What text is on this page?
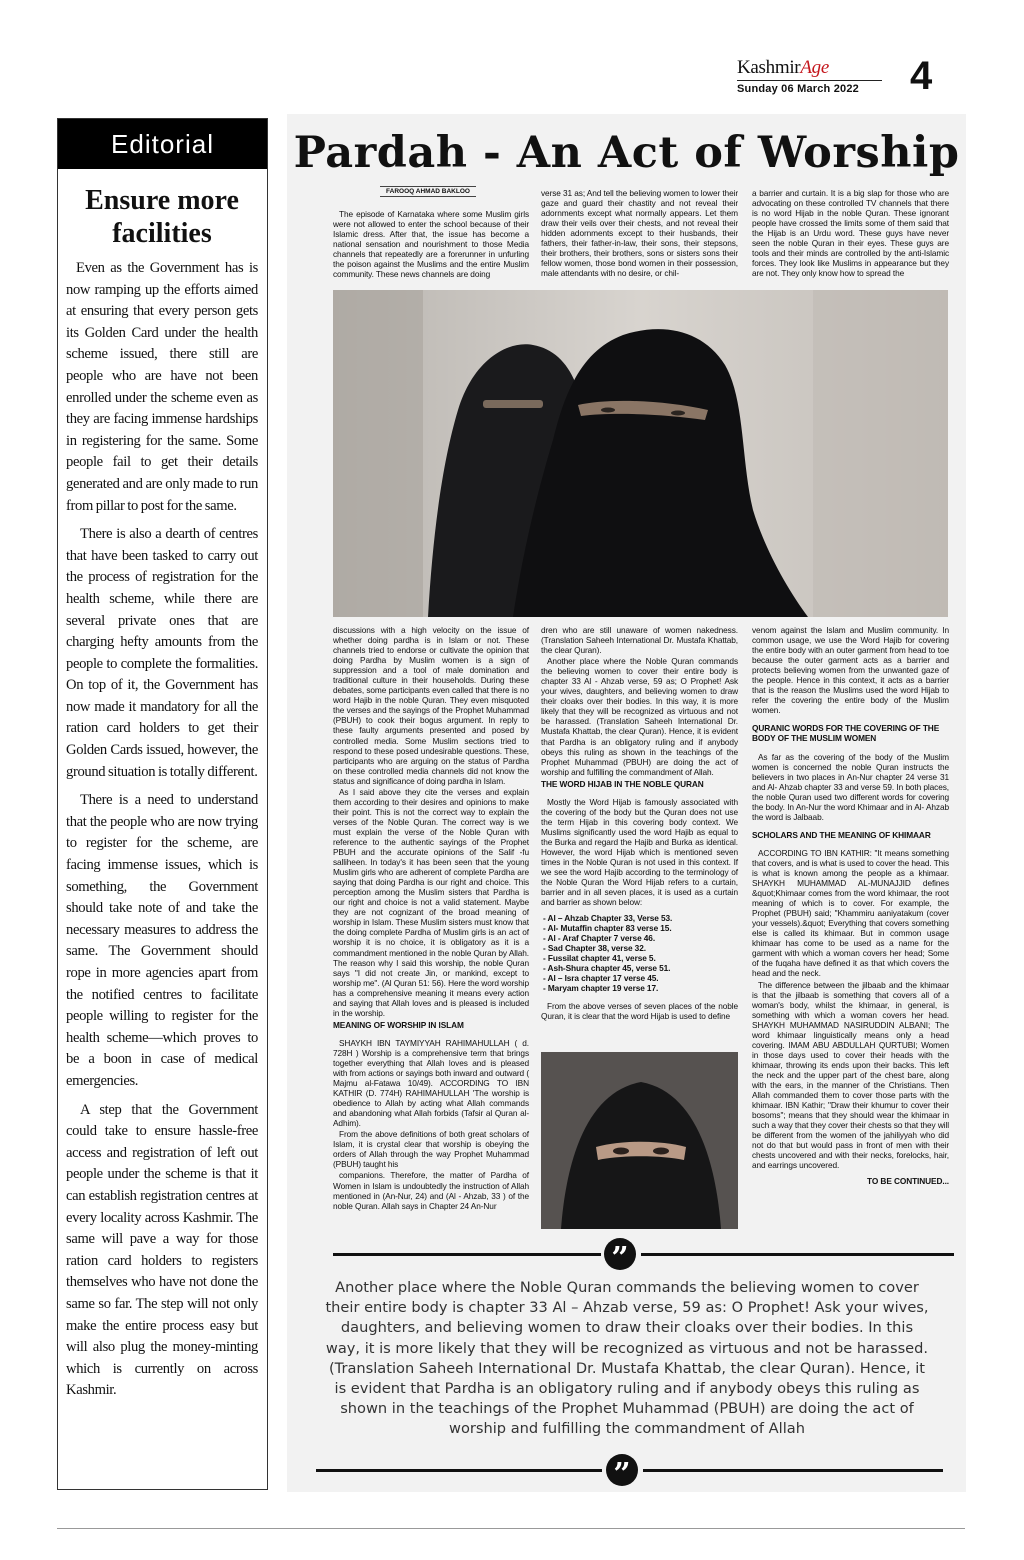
KashmirAge
Sunday 06 March 2022	4
Editorial
Ensure more facilities

Even as the Government has is now ramping up the efforts aimed at ensuring that every person gets its Golden Card under the health scheme issued, there still are people who are have not been enrolled under the scheme even as they are facing immense hardships in registering for the same. Some people fail to get their details generated and are only made to run from pillar to post for the same.

There is also a dearth of centres that have been tasked to carry out the process of registration for the health scheme, while there are several private ones that are charging hefty amounts from the people to complete the formalities. On top of it, the Government has now made it mandatory for all the ration card holders to get their Golden Cards issued, however, the ground situation is totally different.

There is a need to understand that the people who are now trying to register for the scheme, are facing immense issues, which is something, the Government should take note of and take the necessary measures to address the same. The Government should rope in more agencies apart from the notified centres to facilitate people willing to register for the health scheme—which proves to be a boon in case of medical emergencies.

A step that the Government could take to ensure hassle-free access and registration of left out people under the scheme is that it can establish registration centres at every locality across Kashmir. The same will pave a way for those ration card holders to registers themselves who have not done the same so far. The step will not only make the entire process easy but will also plug the money-minting which is currently on across Kashmir.

Pardah - An Act of Worship
FAROOQ AHMAD BAKLOO

The episode of Karnataka where some Muslim girls were not allowed to enter the school because of their Islamic dress. After that, the issue has become a national sensation and nourishment to those Media channels that repeatedly are a forerunner in unfurling the poison against the Muslims and the entire Muslim community. These news channels are doing

verse 31 as; And tell the believing women to lower their gaze and guard their chastity and not reveal their adornments except what normally appears. Let them draw their veils over their chests, and not reveal their hidden adornments except to their husbands, their fathers, their father-in-law, their sons, their stepsons, their brothers, their brothers, sons or sisters sons their fellow women, those bond women in their possession, male attendants with no desire, or chil-

a barrier and curtain. It is a big slap for those who are advocating on these controlled TV channels that there is no word Hijab in the noble Quran. These ignorant people have crossed the limits some of them said that the Hijab is an Urdu word. These guys have never seen the noble Quran in their eyes. These guys are tools and their minds are controlled by the anti-Islamic forces. They look like Muslims in appearance but they are not. They only know how to spread the

discussions with a high velocity on the issue of whether doing pardha is in Islam or not. These channels tried to endorse or cultivate the opinion that doing Pardha by Muslim women is a sign of suppression and a tool of male domination and traditional culture in their households. During these debates, some participants even called that there is no word Hajib in the noble Quran. They even misquoted the verses and the sayings of the Prophet Muhammad (PBUH) to cook their bogus argument. In reply to these faulty arguments presented and posed by controlled media. Some Muslim sections tried to respond to these posed undesirable questions. These, participants who are arguing on the status of Pardha on these controlled media channels did not know the status and significance of doing pardha in Islam.

As I said above they cite the verses and explain them according to their desires and opinions to make their point. This is not the correct way to explain the verses of the Noble Quran. The correct way is we must explain the verse of the Noble Quran with reference to the authentic sayings of the Prophet PBUH and the accurate opinions of the Salif -fu salliheen. In today's it has been seen that the young Muslim girls who are adherent of complete Pardha are saying that doing Pardha is our right and choice. This perception among the Muslim sisters that Pardha is our right and choice is not a valid statement. Maybe they are not cognizant of the broad meaning of worship in Islam. These Muslim sisters must know that the doing complete Pardha of Muslim girls is an act of worship it is no choice, it is obligatory as it is a commandment mentioned in the noble Quran by Allah. The reason why I said this worship, the noble Quran says "I did not create Jin, or mankind, except to worship me". (Al Quran 51: 56). Here the word worship has a comprehensive meaning it means every action and saying that Allah loves and is pleased is included in the worship.

MEANING OF WORSHIP IN ISLAM

SHAYKH IBN TAYMIYYAH RAHIMAHULLAH ( d. 728H ) Worship is a comprehensive term that brings together everything that Allah loves and is pleased with from actions or sayings both inward and outward ( Majmu al-Fatawa 10/49). ACCORDING TO IBN KATHIR (D. 774H) RAHIMAHULLAH 'The worship is obedience to Allah by acting what Allah commands and abandoning what Allah forbids (Tafsir al Quran al- Adhim).

From the above definitions of both great scholars of Islam, it is crystal clear that worship is obeying the orders of Allah through the way Prophet Muhammad (PBUH) taught his

companions. Therefore, the matter of Pardha of Women in Islam is undoubtedly the instruction of Allah mentioned in (An-Nur, 24) and (Al - Ahzab, 33 ) of the noble Quran. Allah says in Chapter 24 An-Nur

dren who are still unaware of women nakedness. (Translation Saheeh International Dr. Mustafa Khattab, the clear Quran).

Another place where the Noble Quran commands the believing women to cover their entire body is chapter 33 Al - Ahzab verse, 59 as; O Prophet! Ask your wives, daughters, and believing women to draw their cloaks over their bodies. In this way, it is more likely that they will be recognized as virtuous and not be harassed. (Translation Saheeh International Dr. Mustafa Khattab, the clear Quran). Hence, it is evident that Pardha is an obligatory ruling and if anybody obeys this ruling as shown in the teachings of the Prophet Muhammad (PBUH) are doing the act of worship and fulfilling the commandment of Allah.

THE WORD HIJAB IN THE NOBLE QURAN

Mostly the Word Hijab is famously associated with the covering of the body but the Quran does not use the term Hijab in this covering body context. We Muslims significantly used the word Hajib as equal to the Burka and regard the Hajib and Burka as identical. However, the word Hijab which is mentioned seven times in the Noble Quran is not used in this context. If we see the word Hajib according to the terminology of the Noble Quran the Word Hijab refers to a curtain, barrier and in all seven places, it is used as a curtain and barrier as shown below:

- Al – Ahzab Chapter 33, Verse 53.
- Al- Mutaffin chapter 83 verse 15.
- Al - Araf Chapter 7 verse 46.
- Sad Chapter 38, verse 32.
- Fussilat chapter 41, verse 5.
- Ash-Shura chapter 45, verse 51.
- Al – Isra chapter 17 verse 45.
- Maryam chapter 19 verse 17.

From the above verses of seven places of the noble Quran, it is clear that the word Hijab is used to define

venom against the Islam and Muslim community. In common usage, we use the Word Hajib for covering the entire body with an outer garment from head to toe because the outer garment acts as a barrier and protects believing women from the unwanted gaze of the people. Hence in this context, it acts as a barrier that is the reason the Muslims used the word Hijab to refer the covering the entire body of the Muslim women.

QURANIC WORDS FOR THE COVERING OF THE BODY OF THE MUSLIM WOMEN

As far as the covering of the body of the Muslim women is concerned the noble Quran instructs the believers in two places in An-Nur chapter 24 verse 31 and Al- Ahzab chapter 33 and verse 59. In both places, the noble Quran used two different words for covering the body. In An-Nur the word Khimaar and in Al- Ahzab the word is Jalbaab.

SCHOLARS AND THE MEANING OF KHIMAAR

ACCORDING TO IBN KATHIR: "It means something that covers, and is what is used to cover the head. This is what is known among the people as a khimaar. SHAYKH MUHAMMAD AL-MUNAJJID defines &quot;Khimaar comes from the word khimaar, the root meaning of which is to cover. For example, the Prophet (PBUH) said; "Khammiru aaniyatakum (cover your vessels).&quot; Everything that covers something else is called its khimaar. But in common usage khimaar has come to be used as a name for the garment with which a woman covers her head; Some of the fuqaha have defined it as that which covers the head and the neck.

The difference between the jilbaab and the khimaar is that the jilbaab is something that covers all of a woman's body, whilst the khimaar, in general, is something with which a woman covers her head. SHAYKH MUHAMMAD NASIRUDDIN ALBANI; The word khimaar linguistically means only a head covering. IMAM ABU ABDULLAH QURTUBI; Women in those days used to cover their heads with the khimaar, throwing its ends upon their backs. This left the neck and the upper part of the chest bare, along with the ears, in the manner of the Christians. Then Allah commanded them to cover those parts with the khimaar. IBN Kathir; "Draw their khumur to cover their bosoms"; means that they should wear the khimaar in such a way that they cover their chests so that they will be different from the women of the jahiliyyah who did not do that but would pass in front of men with their chests uncovered and with their necks, forelocks, hair, and earrings uncovered.

TO BE CONTINUED...

”
Another place where the Noble Quran commands the believing women to cover their entire body is chapter 33 Al – Ahzab verse, 59 as: O Prophet! Ask your wives, daughters, and believing women to draw their cloaks over their bodies. In this way, it is more likely that they will be recognized as virtuous and not be harassed. (Translation Saheeh International Dr. Mustafa Khattab, the clear Quran). Hence, it is evident that Pardha is an obligatory ruling and if anybody obeys this ruling as shown in the teachings of the Prophet Muhammad (PBUH) are doing the act of worship and fulfilling the commandment of Allah
”
